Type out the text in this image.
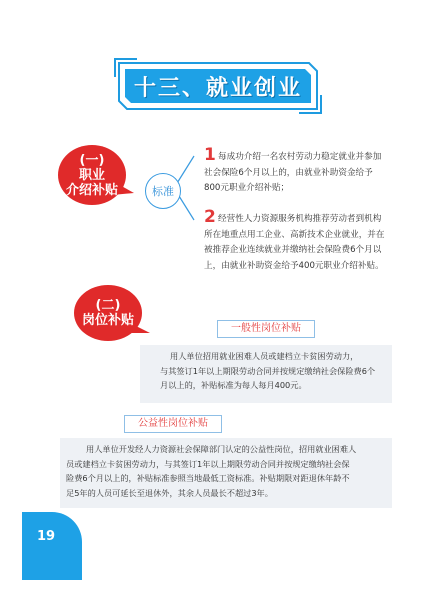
十三、就业创业
(一)
职业
介绍补贴	标准
1 每成功介绍一名农村劳动力稳定就业并参加
社会保险6个月以上的，由就业补助资金给予
800元职业介绍补贴；
2 经营性人力资源服务机构推荐劳动者到机构
所在地重点用工企业、高新技术企业就业，并在
被推荐企业连续就业并缴纳社会保险费6个月以
上，由就业补助资金给予400元职业介绍补贴。
(二)
岗位补贴
一般性岗位补贴
用人单位招用就业困难人员或建档立卡贫困劳动力，
与其签订1年以上期限劳动合同并按规定缴纳社会保险费6个
月以上的，补贴标准为每人每月400元。
公益性岗位补贴
用人单位开发经人力资源社会保障部门认定的公益性岗位，招用就业困难人
员或建档立卡贫困劳动力，与其签订1年以上期限劳动合同并按规定缴纳社会保
险费6个月以上的，补贴标准参照当地最低工资标准。补贴期限对距退休年龄不
足5年的人员可延长至退休外，其余人员最长不超过3年。
19
